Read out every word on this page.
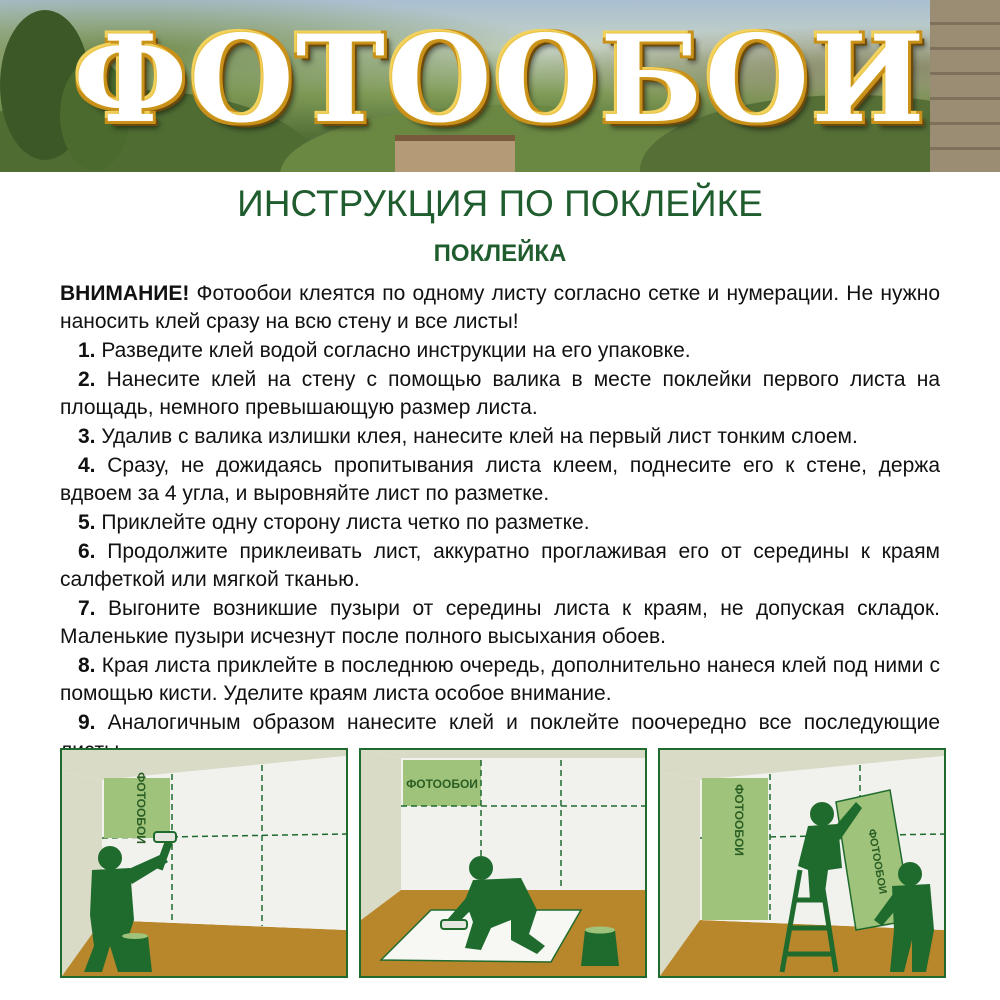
ФОТООБОИ
ИНСТРУКЦИЯ ПО ПОКЛЕЙКЕ
ПОКЛЕЙКА

ВНИМАНИЕ! Фотообои клеятся по одному листу согласно сетке и нумерации. Не нужно наносить клей сразу на всю стену и все листы!

1. Разведите клей водой согласно инструкции на его упаковке.

2. Нанесите клей на стену с помощью валика в месте поклейки первого листа на площадь, немного превышающую размер листа.

3. Удалив с валика излишки клея, нанесите клей на первый лист тонким слоем.

4. Сразу, не дожидаясь пропитывания листа клеем, поднесите его к стене, держа вдвоем за 4 угла, и выровняйте лист по разметке.

5. Приклейте одну сторону листа четко по разметке.

6. Продолжите приклеивать лист, аккуратно проглаживая его от середины к краям салфеткой или мягкой тканью.

7. Выгоните возникшие пузыри от середины листа к краям, не допуская складок. Маленькие пузыри исчезнут после полного высыхания обоев.

8. Края листа приклейте в последнюю очередь, дополнительно нанеся клей под ними с помощью кисти. Уделите краям листа особое внимание.

9. Аналогичным образом нанесите клей и поклейте поочередно все последующие

ФОТООБОИ	ФОТООБОИ
ФОТООБОИ
ФОТООБОИ
